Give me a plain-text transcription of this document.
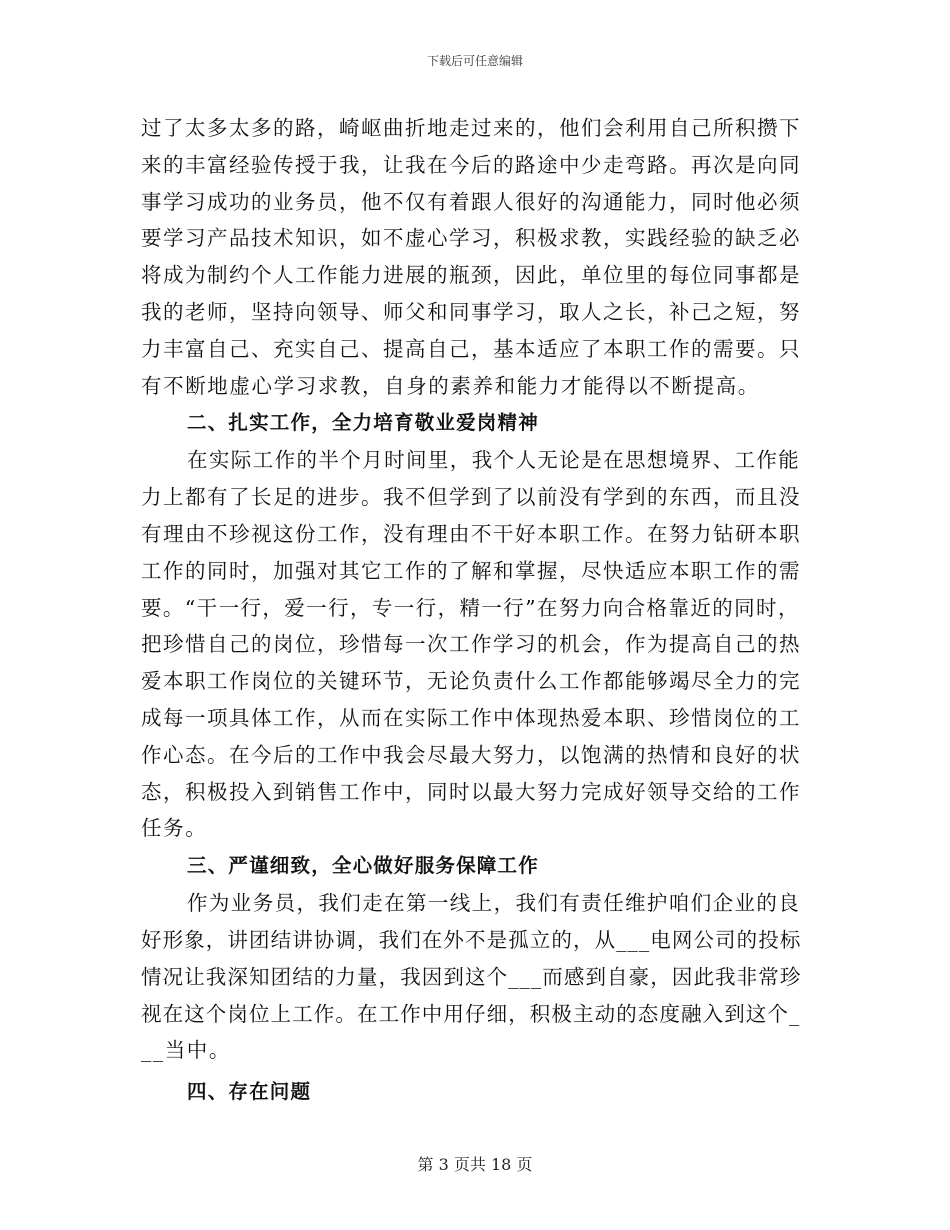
下载后可任意编辑
过了太多太多的路，崎岖曲折地走过来的，他们会利用自己所积攒下
来的丰富经验传授于我，让我在今后的路途中少走弯路。再次是向同
事学习成功的业务员，他不仅有着跟人很好的沟通能力，同时他必须
要学习产品技术知识，如不虚心学习，积极求教，实践经验的缺乏必
将成为制约个人工作能力进展的瓶颈，因此，单位里的每位同事都是
我的老师，坚持向领导、师父和同事学习，取人之长，补己之短，努
力丰富自己、充实自己、提高自己，基本适应了本职工作的需要。只
有不断地虚心学习求教，自身的素养和能力才能得以不断提高。
二、扎实工作，全力培育敬业爱岗精神
在实际工作的半个月时间里，我个人无论是在思想境界、工作能
力上都有了长足的进步。我不但学到了以前没有学到的东西，而且没
有理由不珍视这份工作，没有理由不干好本职工作。在努力钻研本职
工作的同时，加强对其它工作的了解和掌握，尽快适应本职工作的需
要。“干一行，爱一行，专一行，精一行”在努力向合格靠近的同时，
把珍惜自己的岗位，珍惜每一次工作学习的机会，作为提高自己的热
爱本职工作岗位的关键环节，无论负责什么工作都能够竭尽全力的完
成每一项具体工作，从而在实际工作中体现热爱本职、珍惜岗位的工
作心态。在今后的工作中我会尽最大努力，以饱满的热情和良好的状
态，积极投入到销售工作中，同时以最大努力完成好领导交给的工作
任务。
三、严谨细致，全心做好服务保障工作
作为业务员，我们走在第一线上，我们有责任维护咱们企业的良
好形象，讲团结讲协调，我们在外不是孤立的，从___电网公司的投标
情况让我深知团结的力量，我因到这个___而感到自豪，因此我非常珍
视在这个岗位上工作。在工作中用仔细，积极主动的态度融入到这个_
__当中。
四、存在问题
第 3 页共 18 页
